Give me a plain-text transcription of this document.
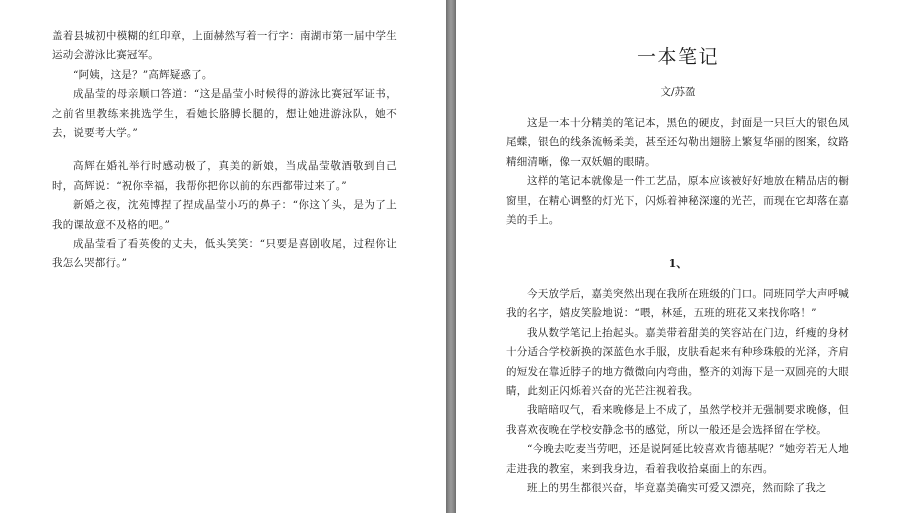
盖着县城初中模糊的红印章，上面赫然写着一行字：南湖市第一届中学生运动会游泳比赛冠军。

“阿姨，这是？”高辉疑惑了。

成晶莹的母亲顺口答道：“这是晶莹小时候得的游泳比赛冠军证书，之前省里教练来挑选学生，看她长胳膊长腿的，想让她进游泳队，她不去，说要考大学。”

高辉在婚礼举行时感动极了，真美的新娘，当成晶莹敬酒敬到自己时，高辉说：“祝你幸福，我帮你把你以前的东西都带过来了。”

新婚之夜，沈苑博捏了捏成晶莹小巧的鼻子：“你这丫头，是为了上我的课故意不及格的吧。”

成晶莹看了看英俊的丈夫，低头笑笑：“只要是喜剧收尾，过程你让我怎么哭都行。”

一本笔记
文/苏盈

这是一本十分精美的笔记本，黑色的硬皮，封面是一只巨大的银色凤尾蝶，银色的线条流畅柔美，甚至还勾勒出翅膀上繁复华丽的图案，纹路精细清晰，像一双妖媚的眼睛。

这样的笔记本就像是一件工艺品，原本应该被好好地放在精品店的橱窗里，在精心调整的灯光下，闪烁着神秘深邃的光芒，而现在它却落在嘉美的手上。

1、

今天放学后，嘉美突然出现在我所在班级的门口。同班同学大声呼喊我的名字，嬉皮笑脸地说：“喂，林延，五班的班花又来找你咯！”

我从数学笔记上抬起头。嘉美带着甜美的笑容站在门边，纤瘦的身材十分适合学校新换的深蓝色水手服，皮肤看起来有种珍珠般的光泽，齐肩的短发在靠近脖子的地方微微向内弯曲，整齐的刘海下是一双圆亮的大眼睛，此刻正闪烁着兴奋的光芒注视着我。

我暗暗叹气，看来晚修是上不成了，虽然学校并无强制要求晚修，但我喜欢夜晚在学校安静念书的感觉，所以一般还是会选择留在学校。

“今晚去吃麦当劳吧，还是说阿延比较喜欢肯德基呢？”她旁若无人地走进我的教室，来到我身边，看着我收拾桌面上的东西。

班上的男生都很兴奋，毕竟嘉美确实可爱又漂亮，然而除了我之
